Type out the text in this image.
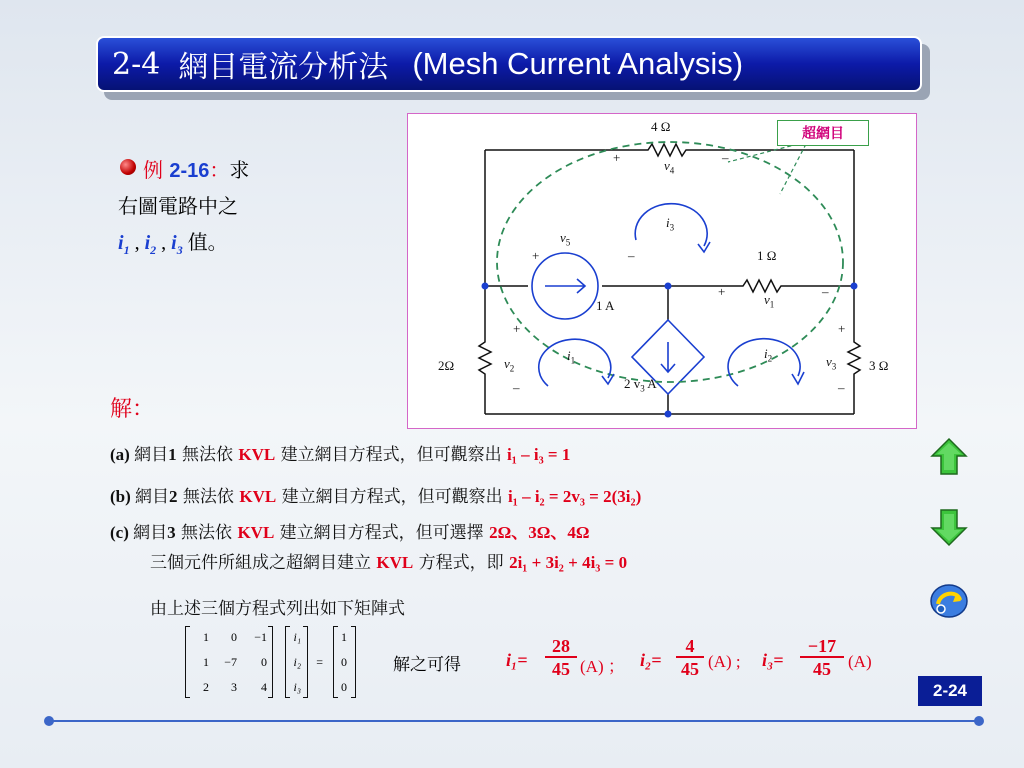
2-4 網目電流分析法 (Mesh Current Analysis)
例 2-16：求
右圖電路中之
$i_1$ , $i_2$ , $i_3$ 值。
解：
超網目
4 Ω
+	–
$v_4$
$i_3$
–
$v_5$
+	1 Ω
+	–
$v_1$
1 A
+	+
$i_1$	$i_2$
$v_2$	$v_3$
2Ω	3 Ω
2 $v_3$ A
–	–
(a) 網目1 無法依 KVL 建立網目方程式，但可觀察出 i₁ – i₃ = 1
(b) 網目2 無法依 KVL 建立網目方程式，但可觀察出 i₁ – i₂ = 2v₃ = 2(3i₂)
(c) 網目3 無法依 KVL 建立網目方程式，但可選擇 2Ω、3Ω、4Ω
三個元件所組成之超網目建立 KVL 方程式，即 2i₁ + 3i₂ + 4i₃ = 0
由上述三個方程式列出如下矩陣式
1	0	−1
1	−7	0
2	3	4
i₁
i₂
i₃
=
1
0
0
解之可得	$i_1= \frac{28}{45} (A)$ ； $i_2= \frac{4}{45} (A)$ ; $i_3= \frac{-17}{45} (A)$
2-24
